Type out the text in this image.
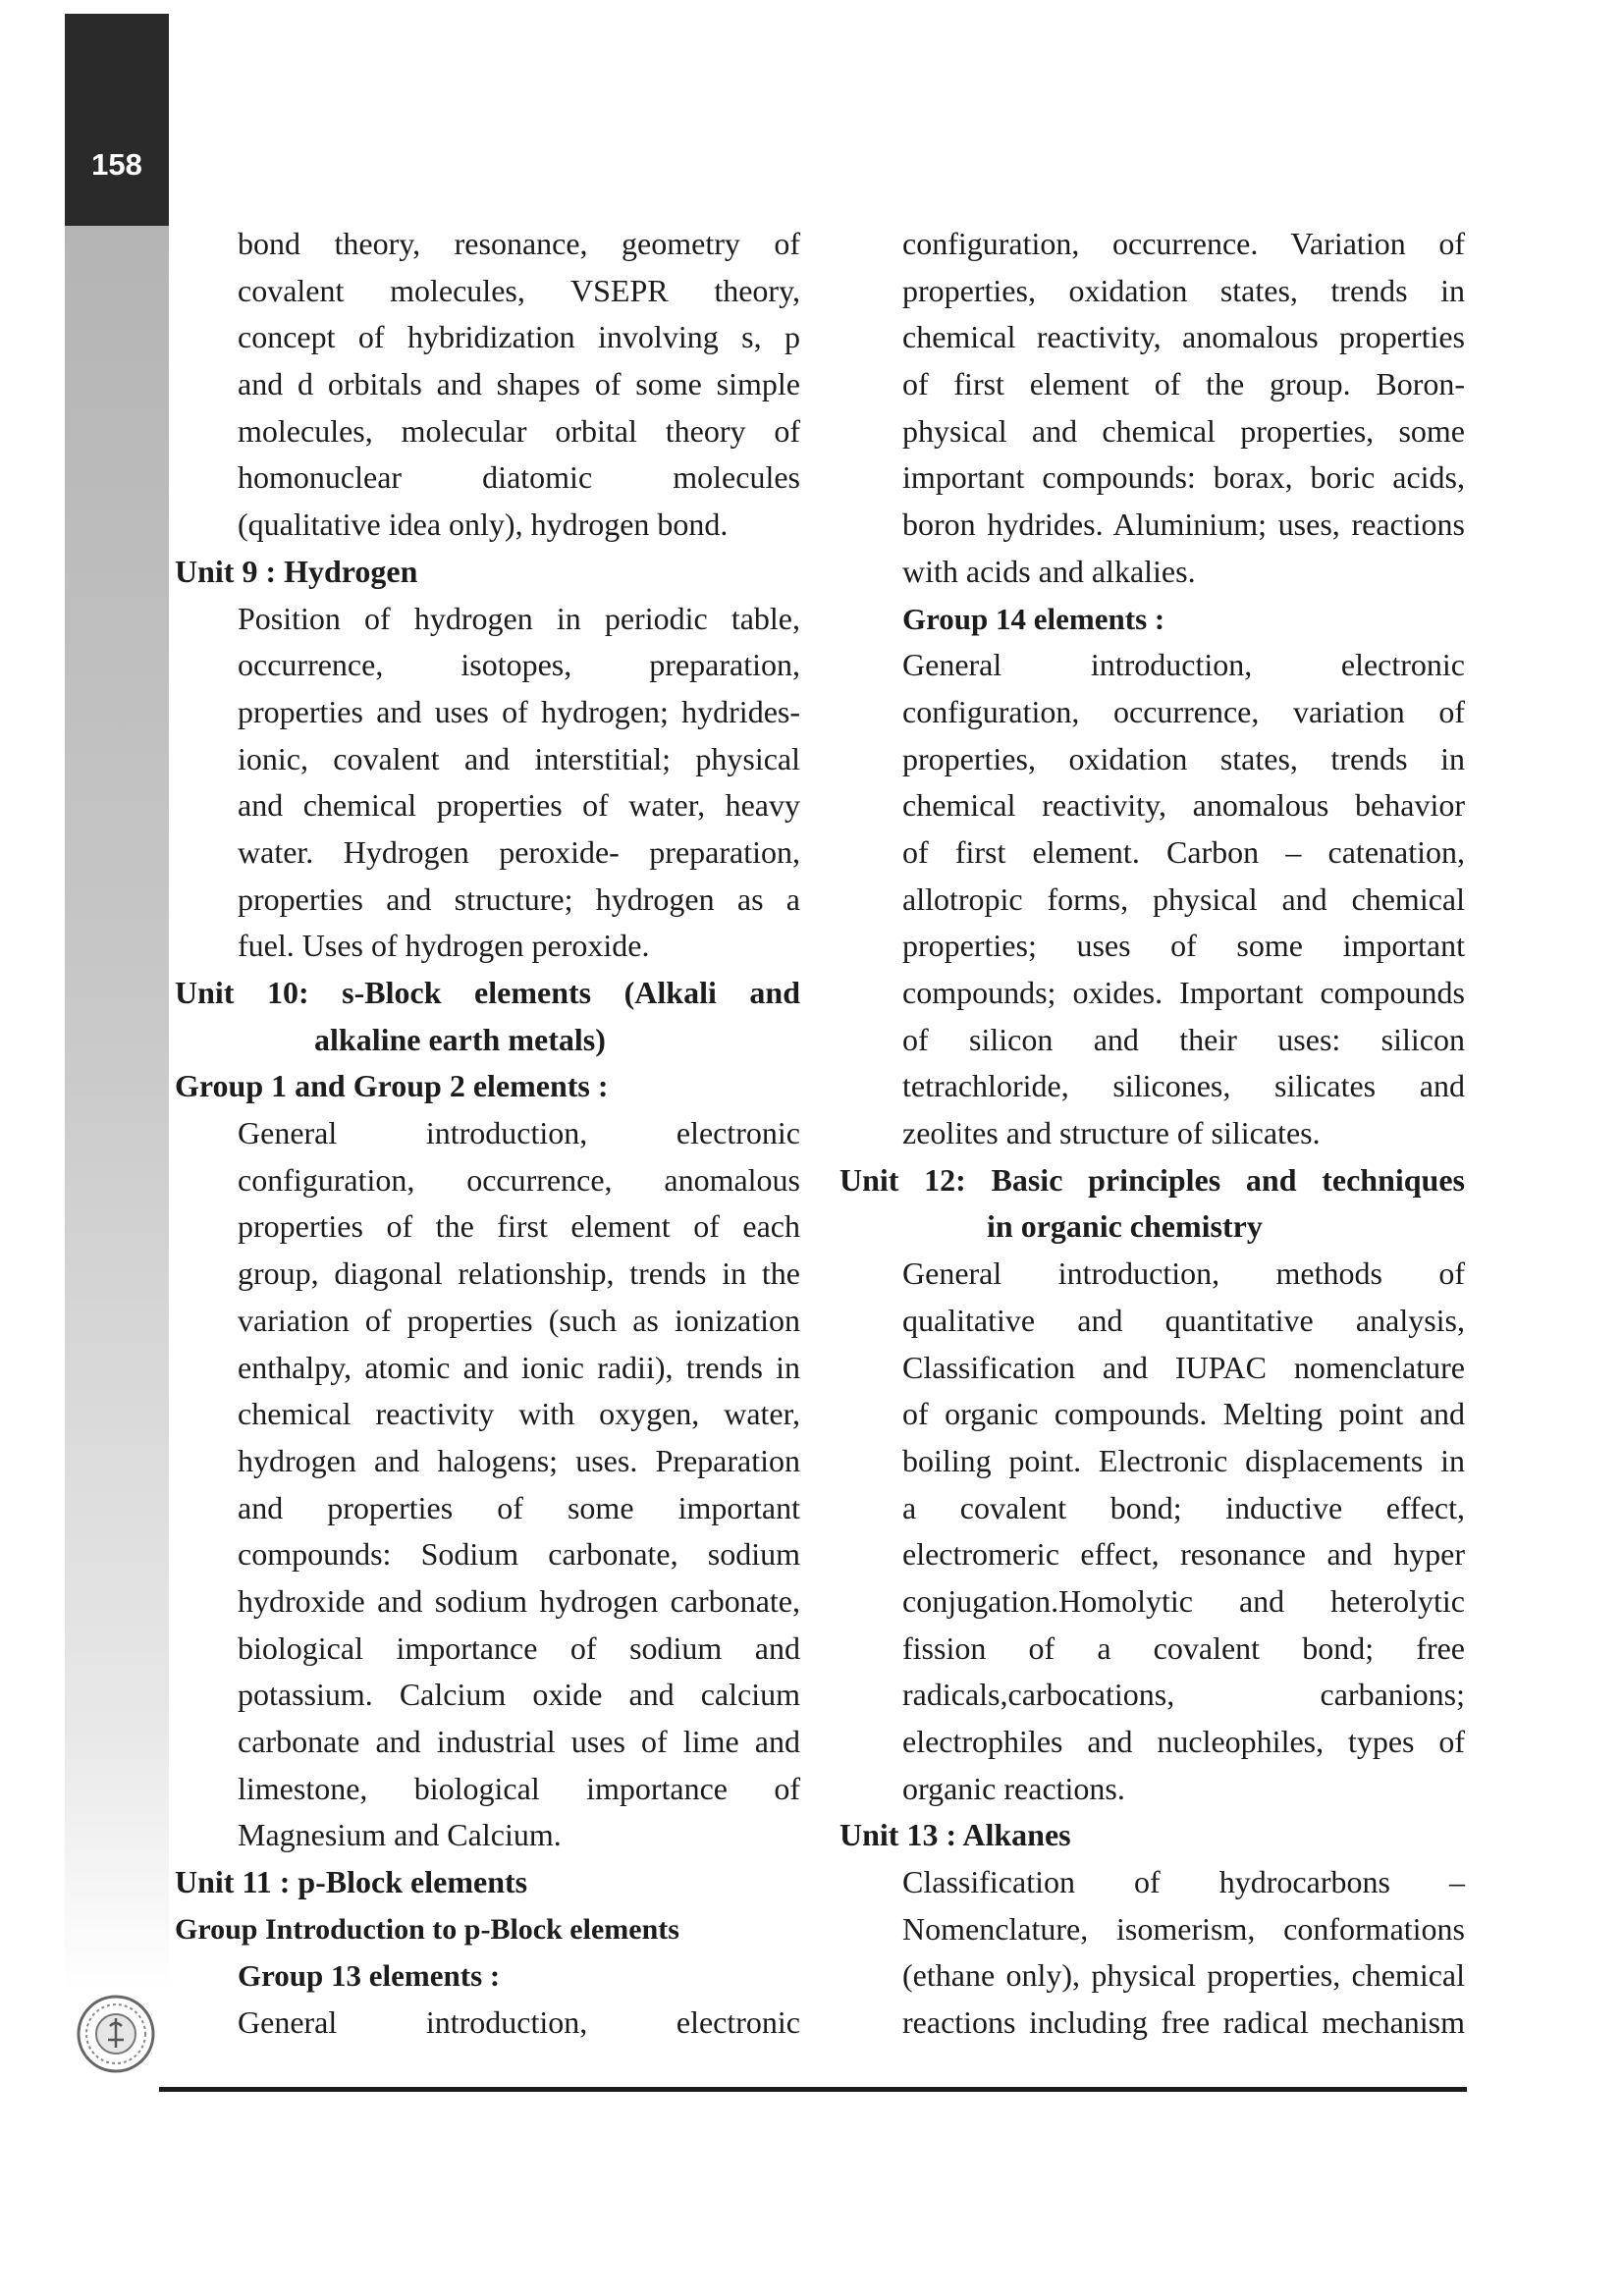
158
bond theory, resonance, geometry of
covalent molecules, VSEPR theory,
concept of hybridization involving s, p
and d orbitals and shapes of some simple
molecules, molecular orbital theory of
homonuclear diatomic molecules
(qualitative idea only), hydrogen bond.
Unit 9 : Hydrogen
Position of hydrogen in periodic table,
occurrence, isotopes, preparation,
properties and uses of hydrogen; hydrides-
ionic, covalent and interstitial; physical
and chemical properties of water, heavy
water. Hydrogen peroxide- preparation,
properties and structure; hydrogen as a
fuel. Uses of hydrogen peroxide.
Unit 10: s-Block elements (Alkali and
alkaline earth metals)
Group 1 and Group 2 elements :
General introduction, electronic
configuration, occurrence, anomalous
properties of the first element of each
group, diagonal relationship, trends in the
variation of properties (such as ionization
enthalpy, atomic and ionic radii), trends in
chemical reactivity with oxygen, water,
hydrogen and halogens; uses. Preparation
and properties of some important
compounds: Sodium carbonate, sodium
hydroxide and sodium hydrogen carbonate,
biological importance of sodium and
potassium. Calcium oxide and calcium
carbonate and industrial uses of lime and
limestone, biological importance of
Magnesium and Calcium.
Unit 11 : p-Block elements
Group Introduction to p-Block elements
Group 13 elements :
General introduction, electronic
configuration, occurrence. Variation of
properties, oxidation states, trends in
chemical reactivity, anomalous properties
of first element of the group. Boron-
physical and chemical properties, some
important compounds: borax, boric acids,
boron hydrides. Aluminium; uses, reactions
with acids and alkalies.
Group 14 elements :
General introduction, electronic
configuration, occurrence, variation of
properties, oxidation states, trends in
chemical reactivity, anomalous behavior
of first element. Carbon – catenation,
allotropic forms, physical and chemical
properties; uses of some important
compounds; oxides. Important compounds
of silicon and their uses: silicon
tetrachloride, silicones, silicates and
zeolites and structure of silicates.
Unit 12: Basic principles and techniques
in organic chemistry
General introduction, methods of
qualitative and quantitative analysis,
Classification and IUPAC nomenclature
of organic compounds. Melting point and
boiling point. Electronic displacements in
a covalent bond; inductive effect,
electromeric effect, resonance and hyper
conjugation.Homolytic and heterolytic
fission of a covalent bond; free
radicals,carbocations, carbanions;
electrophiles and nucleophiles, types of
organic reactions.
Unit 13 : Alkanes
Classification of hydrocarbons –
Nomenclature, isomerism, conformations
(ethane only), physical properties, chemical
reactions including free radical mechanism
